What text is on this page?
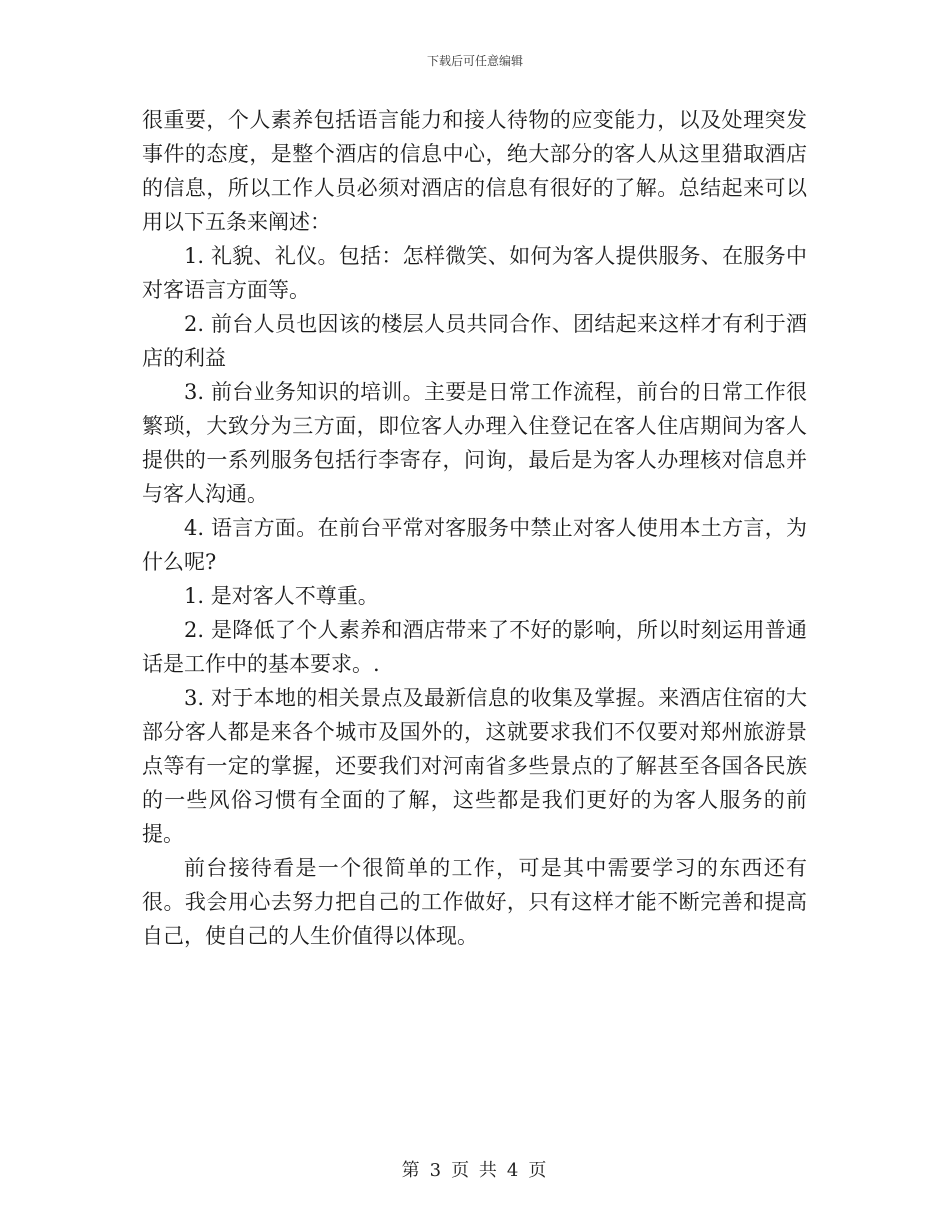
下载后可任意编辑

很重要，个人素养包括语言能力和接人待物的应变能力，以及处理突发事件的态度，是整个酒店的信息中心，绝大部分的客人从这里猎取酒店的信息，所以工作人员必须对酒店的信息有很好的了解。总结起来可以用以下五条来阐述：

1. 礼貌、礼仪。包括：怎样微笑、如何为客人提供服务、在服务中对客语言方面等。

2. 前台人员也因该的楼层人员共同合作、团结起来这样才有利于酒店的利益

3. 前台业务知识的培训。主要是日常工作流程，前台的日常工作很繁琐，大致分为三方面，即位客人办理入住登记在客人住店期间为客人提供的一系列服务包括行李寄存，问询，最后是为客人办理核对信息并与客人沟通。

4. 语言方面。在前台平常对客服务中禁止对客人使用本土方言，为什么呢?

1. 是对客人不尊重。

2. 是降低了个人素养和酒店带来了不好的影响，所以时刻运用普通话是工作中的基本要求。.

3. 对于本地的相关景点及最新信息的收集及掌握。来酒店住宿的大部分客人都是来各个城市及国外的，这就要求我们不仅要对郑州旅游景点等有一定的掌握，还要我们对河南省多些景点的了解甚至各国各民族的一些风俗习惯有全面的了解，这些都是我们更好的为客人服务的前提。

前台接待看是一个很简单的工作，可是其中需要学习的东西还有很。我会用心去努力把自己的工作做好，只有这样才能不断完善和提高自己，使自己的人生价值得以体现。

第 3 页 共 4 页
